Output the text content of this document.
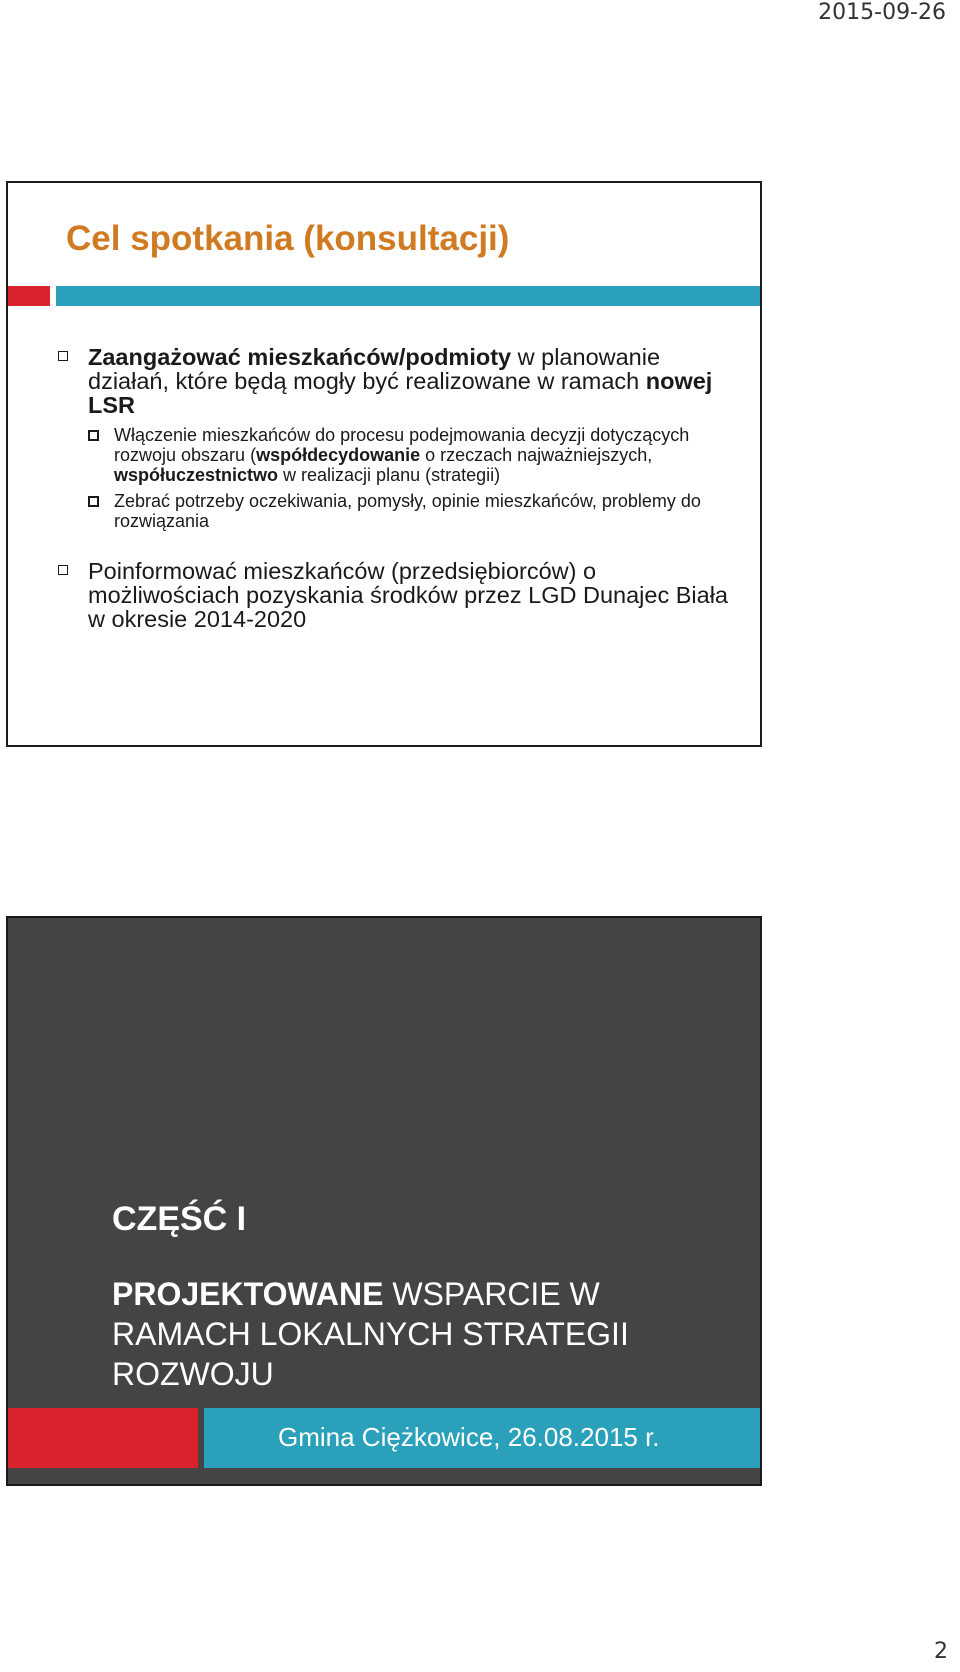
2015-09-26
Cel spotkania (konsultacji)
Zaangażować mieszkańców/podmioty w planowanie działań, które będą mogły być realizowane w ramach nowej LSR
Włączenie mieszkańców do procesu podejmowania decyzji dotyczących rozwoju obszaru (współdecydowanie o rzeczach najważniejszych, współuczestnictwo w realizacji planu (strategii)
Zebrać potrzeby oczekiwania, pomysły, opinie mieszkańców, problemy do rozwiązania
Poinformować mieszkańców (przedsiębiorców) o możliwościach pozyskania środków przez LGD Dunajec Biała w okresie 2014-2020
CZĘŚĆ I
PROJEKTOWANE WSPARCIE W RAMACH LOKALNYCH STRATEGII ROZWOJU
Gmina Ciężkowice, 26.08.2015 r.
2
